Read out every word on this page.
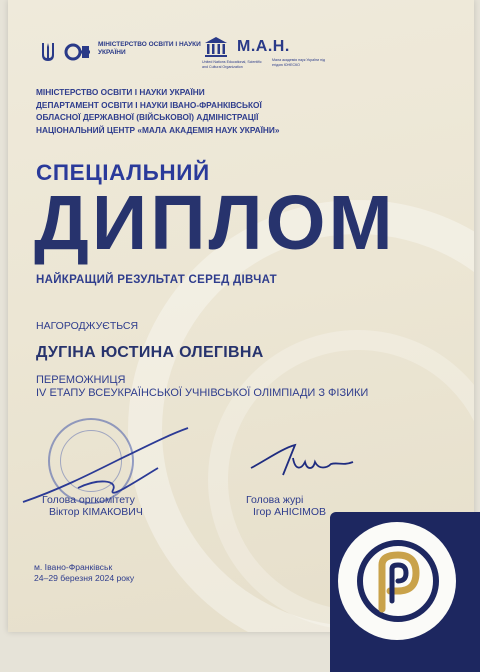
МІНІСТЕРСТВО ОСВІТИ І НАУКИ УКРАЇНИ
United Nations Educational, Scientific and Cultural Organization
М.А.Н.
Мала академія наук України під егідою ЮНЕСКО
МІНІСТЕРСТВО ОСВІТИ І НАУКИ УКРАЇНИ
ДЕПАРТАМЕНТ ОСВІТИ І НАУКИ ІВАНО-ФРАНКІВСЬКОЇ
ОБЛАСНОЇ ДЕРЖАВНОЇ (ВІЙСЬКОВОЇ) АДМІНІСТРАЦІЇ
НАЦІОНАЛЬНИЙ ЦЕНТР «МАЛА АКАДЕМІЯ НАУК УКРАЇНИ»
СПЕЦІАЛЬНИЙ
ДИПЛОМ
НАЙКРАЩИЙ РЕЗУЛЬТАТ СЕРЕД ДІВЧАТ
НАГОРОДЖУЄТЬСЯ
ДУГІНА ЮСТИНА ОЛЕГІВНА
ПЕРЕМОЖНИЦЯ
IV ЕТАПУ ВСЕУКРАЇНСЬКОЇ УЧНІВСЬКОЇ ОЛІМПІАДИ З ФІЗИКИ
Голова оргкомітету
Віктор КІМАКОВИЧ
Голова журі
Ігор АНІСІМОВ
м. Івано-Франківськ
24–29 березня 2024 року
